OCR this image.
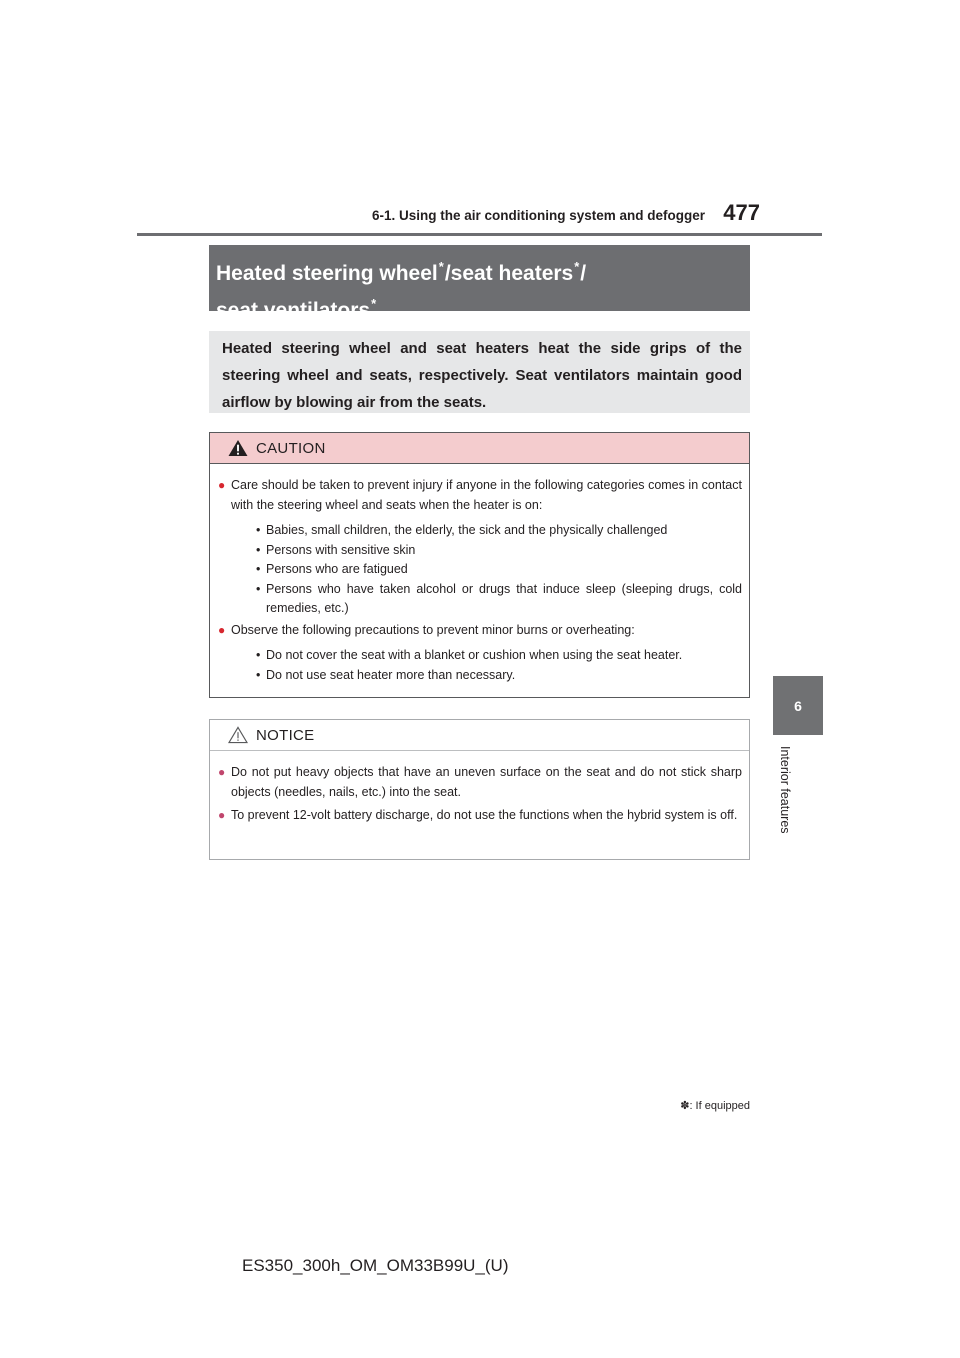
6-1. Using the air conditioning system and defogger 477
6
Interior features
Heated steering wheel*/seat heaters*/
seat ventilators*
Heated steering wheel and seat heaters heat the side grips of the steering wheel and seats, respectively. Seat ventilators maintain good airflow by blowing air from the seats.
CAUTION
● Care should be taken to prevent injury if anyone in the following categories comes in contact with the steering wheel and seats when the heater is on:
• Babies, small children, the elderly, the sick and the physically challenged
• Persons with sensitive skin
• Persons who are fatigued
• Persons who have taken alcohol or drugs that induce sleep (sleeping drugs, cold remedies, etc.)
● Observe the following precautions to prevent minor burns or overheating:
• Do not cover the seat with a blanket or cushion when using the seat heater.
• Do not use seat heater more than necessary.
NOTICE
● Do not put heavy objects that have an uneven surface on the seat and do not stick sharp objects (needles, nails, etc.) into the seat.
● To prevent 12-volt battery discharge, do not use the functions when the hybrid system is off.
✽: If equipped
ES350_300h_OM_OM33B99U_(U)
